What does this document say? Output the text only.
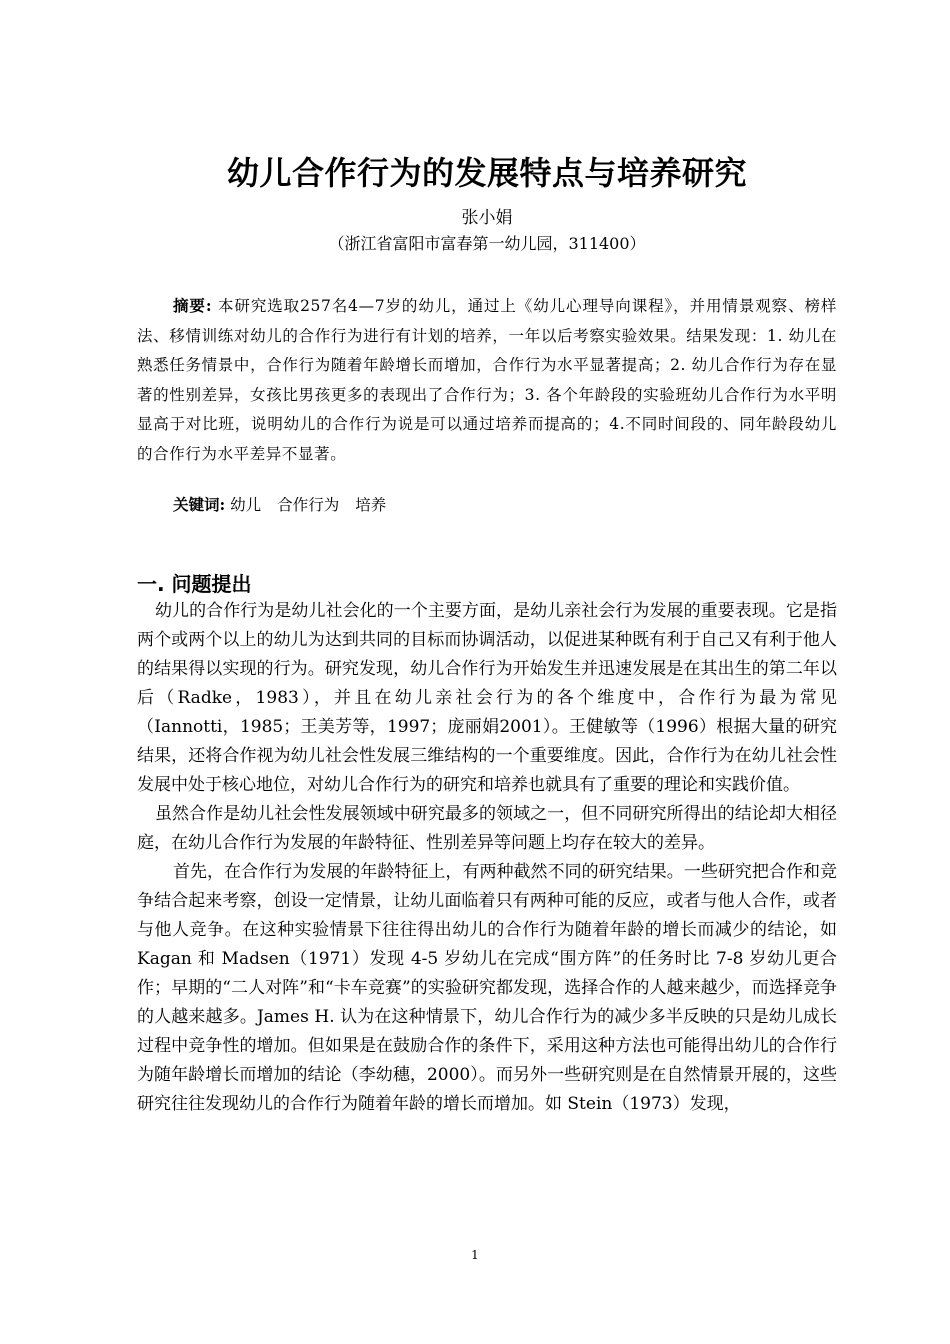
幼儿合作行为的发展特点与培养研究
张小娟
（浙江省富阳市富春第一幼儿园，311400）
摘要: 本研究选取257名4—7岁的幼儿，通过上《幼儿心理导向课程》，并用情景观察、榜样法、移情训练对幼儿的合作行为进行有计划的培养，一年以后考察实验效果。结果发现：1. 幼儿在熟悉任务情景中，合作行为随着年龄增长而增加，合作行为水平显著提高；2. 幼儿合作行为存在显著的性别差异，女孩比男孩更多的表现出了合作行为；3. 各个年龄段的实验班幼儿合作行为水平明显高于对比班，说明幼儿的合作行为说是可以通过培养而提高的；4.不同时间段的、同年龄段幼儿的合作行为水平差异不显著。
关键词: 幼儿 合作行为 培养
一. 问题提出

幼儿的合作行为是幼儿社会化的一个主要方面，是幼儿亲社会行为发展的重要表现。它是指两个或两个以上的幼儿为达到共同的目标而协调活动，以促进某种既有利于自己又有利于他人的结果得以实现的行为。研究发现，幼儿合作行为开始发生并迅速发展是在其出生的第二年以后（Radke，1983），并且在幼儿亲社会行为的各个维度中，合作行为最为常见（Iannotti，1985；王美芳等，1997；庞丽娟2001）。王健敏等（1996）根据大量的研究结果，还将合作视为幼儿社会性发展三维结构的一个重要维度。因此，合作行为在幼儿社会性发展中处于核心地位，对幼儿合作行为的研究和培养也就具有了重要的理论和实践价值。

虽然合作是幼儿社会性发展领域中研究最多的领域之一，但不同研究所得出的结论却大相径庭，在幼儿合作行为发展的年龄特征、性别差异等问题上均存在较大的差异。

首先，在合作行为发展的年龄特征上，有两种截然不同的研究结果。一些研究把合作和竞争结合起来考察，创设一定情景，让幼儿面临着只有两种可能的反应，或者与他人合作，或者与他人竞争。在这种实验情景下往往得出幼儿的合作行为随着年龄的增长而减少的结论，如 Kagan 和 Madsen（1971）发现 4-5 岁幼儿在完成“围方阵”的任务时比 7-8 岁幼儿更合作；早期的“二人对阵”和“卡车竞赛”的实验研究都发现，选择合作的人越来越少，而选择竞争的人越来越多。James H. 认为在这种情景下，幼儿合作行为的减少多半反映的只是幼儿成长过程中竞争性的增加。但如果是在鼓励合作的条件下，采用这种方法也可能得出幼儿的合作行为随年龄增长而增加的结论（李幼穗，2000）。而另外一些研究则是在自然情景开展的，这些研究往往发现幼儿的合作行为随着年龄的增长而增加。如 Stein（1973）发现，

1
